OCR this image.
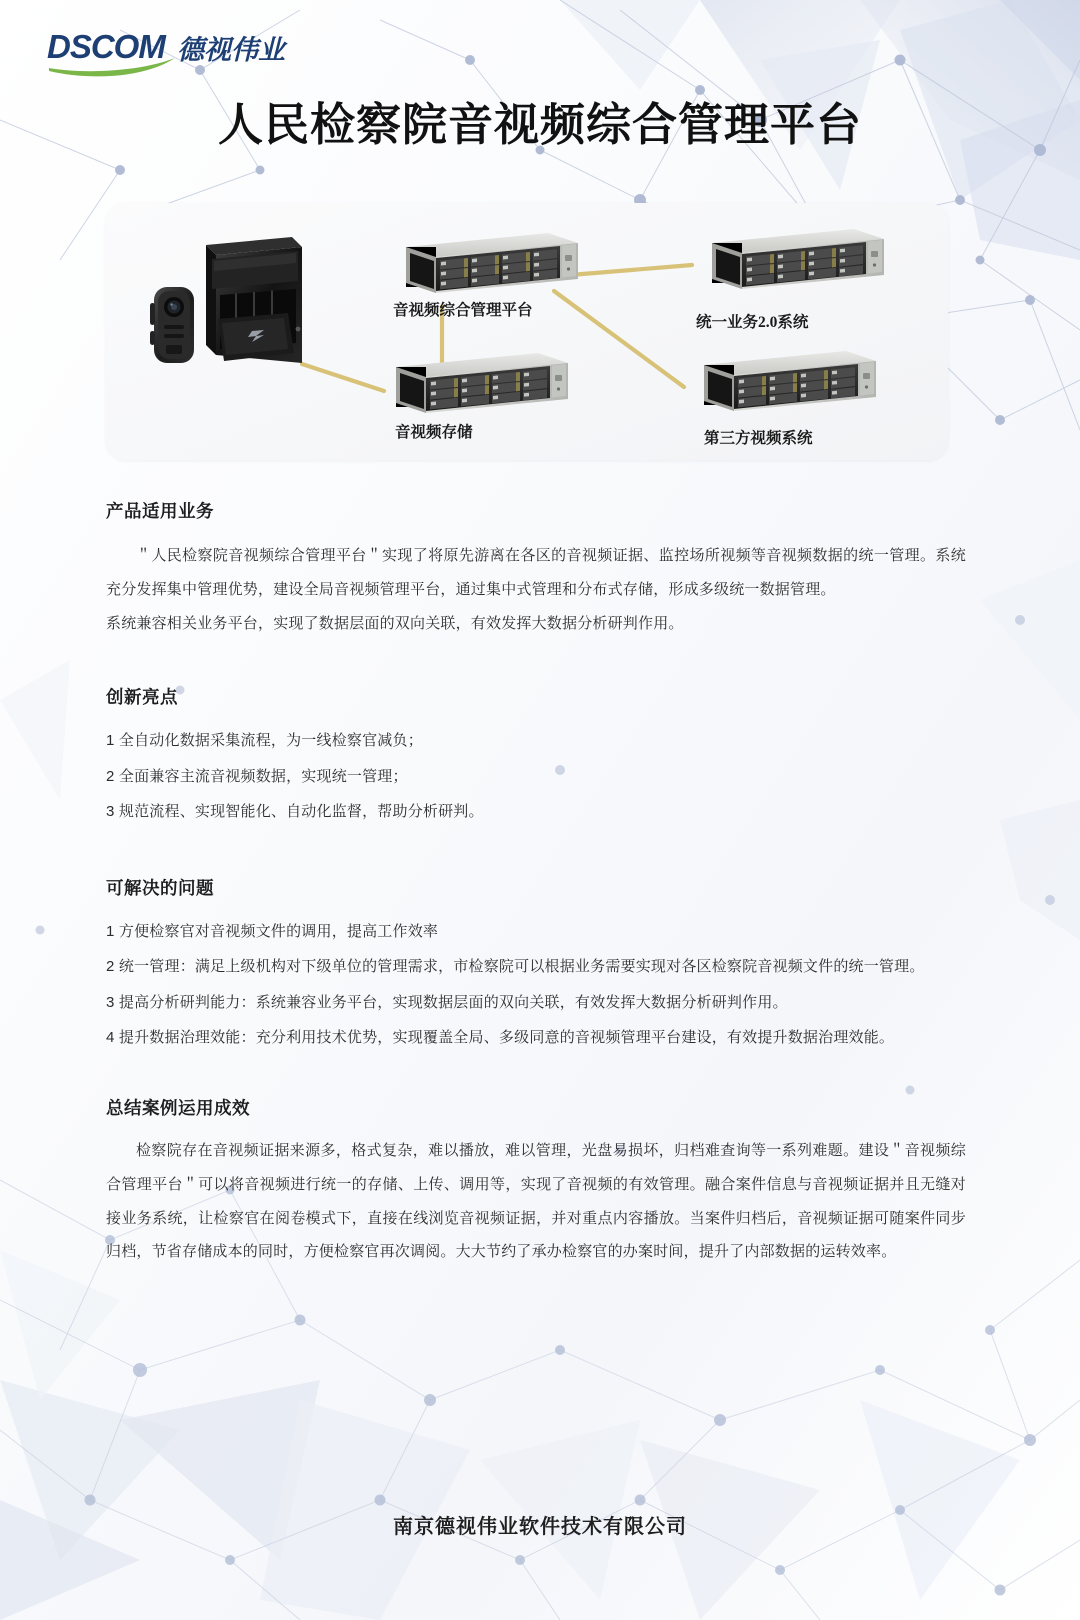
DSCOM 德视伟业
人民检察院音视频综合管理平台
音视频综合管理平台
统一业务2.0系统
音视频存储	第三方视频系统
产品适用业务

＂人民检察院音视频综合管理平台＂实现了将原先游离在各区的音视频证据、监控场所视频等音视频数据的统一管理。系统充分发挥集中管理优势，建设全局音视频管理平台，通过集中式管理和分布式存储，形成多级统一数据管理。

系统兼容相关业务平台，实现了数据层面的双向关联，有效发挥大数据分析研判作用。

创新亮点

1 全自动化数据采集流程，为一线检察官减负；

2 全面兼容主流音视频数据，实现统一管理；

3 规范流程、实现智能化、自动化监督，帮助分析研判。

可解决的问题

1 方便检察官对音视频文件的调用，提高工作效率

2 统一管理：满足上级机构对下级单位的管理需求，市检察院可以根据业务需要实现对各区检察院音视频文件的统一管理。

3 提高分析研判能力：系统兼容业务平台，实现数据层面的双向关联，有效发挥大数据分析研判作用。

4 提升数据治理效能：充分利用技术优势，实现覆盖全局、多级同意的音视频管理平台建设，有效提升数据治理效能。

总结案例运用成效

检察院存在音视频证据来源多，格式复杂，难以播放，难以管理，光盘易损坏，归档难查询等一系列难题。建设＂音视频综合管理平台＂可以将音视频进行统一的存储、上传、调用等，实现了音视频的有效管理。融合案件信息与音视频证据并且无缝对接业务系统，让检察官在阅卷模式下，直接在线浏览音视频证据，并对重点内容播放。当案件归档后，音视频证据可随案件同步归档，节省存储成本的同时，方便检察官再次调阅。大大节约了承办检察官的办案时间，提升了内部数据的运转效率。

南京德视伟业软件技术有限公司
